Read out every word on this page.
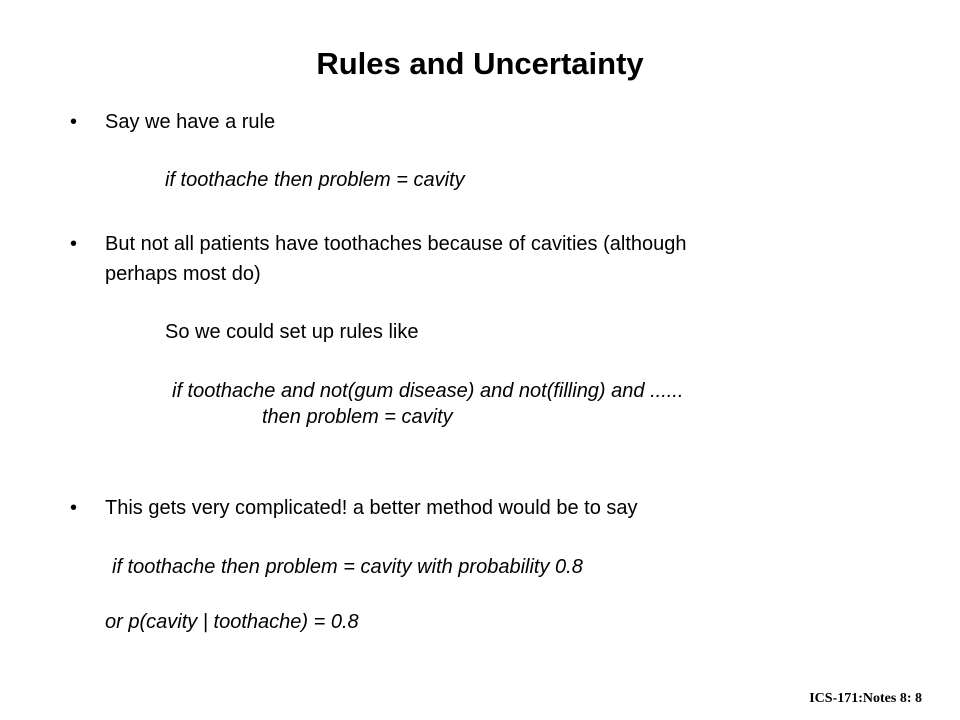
Rules and Uncertainty
• Say we have a rule
if toothache then problem = cavity
• But not all patients have toothaches because of cavities (although
perhaps most do)
So we could set up rules like
if toothache and not(gum disease) and not(filling) and ......
then problem = cavity
• This gets very complicated! a better method would be to say
if toothache then problem = cavity with probability 0.8
or p(cavity | toothache) = 0.8
ICS-171:Notes 8: 8
